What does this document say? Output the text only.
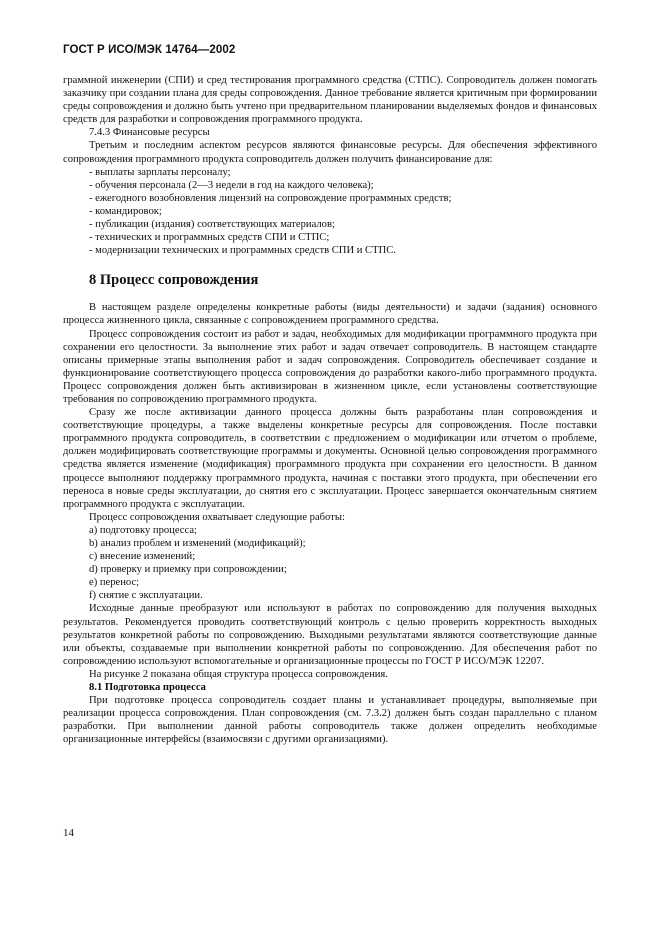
ГОСТ Р ИСО/МЭК 14764—2002

граммной инженерии (СПИ) и сред тестирования программного средства (СТПС). Сопроводитель должен помогать заказчику при создании плана для среды сопровождения. Данное требование является критичным при формировании среды сопровождения и должно быть учтено при предварительном планировании выделяемых фондов и финансовых средств для разработки и сопровождения программного продукта.

7.4.3 Финансовые ресурсы

Третьим и последним аспектом ресурсов являются финансовые ресурсы. Для обеспечения эффективного сопровождения программного продукта сопроводитель должен получить финансирование для:

- выплаты зарплаты персоналу;
- обучения персонала (2—3 недели в год на каждого человека);
- ежегодного возобновления лицензий на сопровождение программных средств;
- командировок;
- публикации (издания) соответствующих материалов;
- технических и программных средств СПИ и СТПС;
- модернизации технических и программных средств СПИ и СТПС.
8 Процесс сопровождения

В настоящем разделе определены конкретные работы (виды деятельности) и задачи (задания) основного процесса жизненного цикла, связанные с сопровождением программного средства.

Процесс сопровождения состоит из работ и задач, необходимых для модификации программного продукта при сохранении его целостности. За выполнение этих работ и задач отвечает сопроводитель. В настоящем стандарте описаны примерные этапы выполнения работ и задач сопровождения. Сопроводитель обеспечивает создание и функционирование соответствующего процесса сопровождения до разработки какого-либо программного продукта. Процесс сопровождения должен быть активизирован в жизненном цикле, если установлены соответствующие требования по сопровождению программного продукта.

Сразу же после активизации данного процесса должны быть разработаны план сопровождения и соответствующие процедуры, а также выделены конкретные ресурсы для сопровождения. После поставки программного продукта сопроводитель, в соответствии с предложением о модификации или отчетом о проблеме, должен модифицировать соответствующие программы и документы. Основной целью сопровождения программного средства является изменение (модификация) программного продукта при сохранении его целостности. В данном процессе выполняют поддержку программного продукта, начиная с поставки этого продукта, при обеспечении его переноса в новые среды эксплуатации, до снятия его с эксплуатации. Процесс завершается окончательным снятием программного продукта с эксплуатации.

Процесс сопровождения охватывает следующие работы:

а) подготовку процесса;
b) анализ проблем и изменений (модификаций);
с) внесение изменений;
d) проверку и приемку при сопровождении;
е) перенос;
f) снятие с эксплуатации.

Исходные данные преобразуют или используют в работах по сопровождению для получения выходных результатов. Рекомендуется проводить соответствующий контроль с целью проверить корректность выходных результатов конкретной работы по сопровождению. Выходными результатами являются соответствующие данные или объекты, создаваемые при выполнении конкретной работы по сопровождению. Для обеспечения работ по сопровождению используют вспомогательные и организационные процессы по ГОСТ Р ИСО/МЭК 12207.

На рисунке 2 показана общая структура процесса сопровождения.

8.1 Подготовка процесса

При подготовке процесса сопроводитель создает планы и устанавливает процедуры, выполняемые при реализации процесса сопровождения. План сопровождения (см. 7.3.2) должен быть создан параллельно с планом разработки. При выполнении данной работы сопроводитель также должен определить необходимые организационные интерфейсы (взаимосвязи с другими организациями).

14
